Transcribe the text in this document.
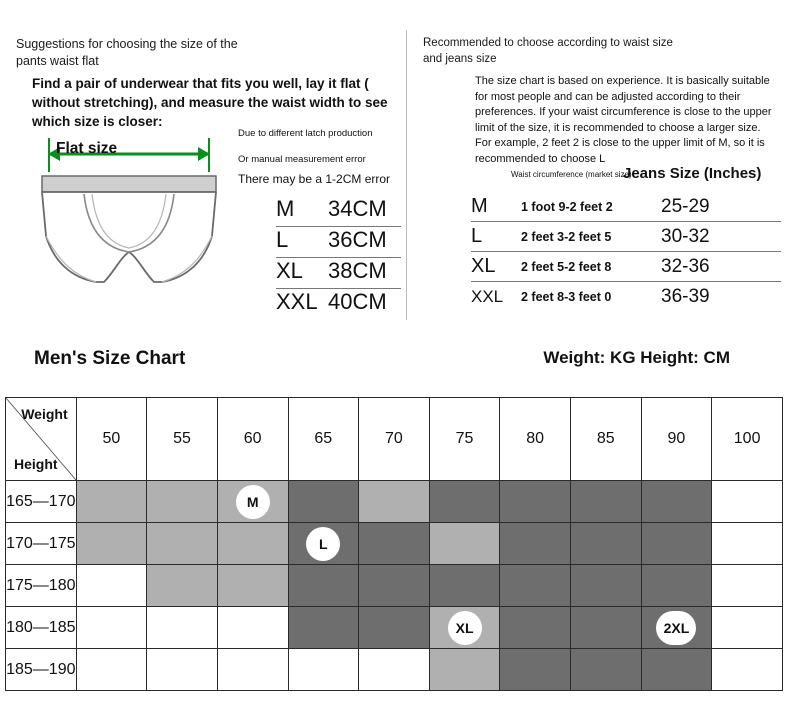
Suggestions for choosing the size of the pants waist flat
Find a pair of underwear that fits you well, lay it flat ( without stretching), and measure the waist width to see which size is closer:
Flat size
Due to different latch production
Or manual measurement error
There may be a 1-2CM error
M	34CM
L	36CM
XL	38CM
XXL 40CM
Recommended to choose according to waist size and jeans size
The size chart is based on experience. It is basically suitable for most people and can be adjusted according to their preferences. If your waist circumference is close to the upper limit of the size, it is recommended to choose a larger size. For example, 2 feet 2 is close to the upper limit of M, so it is recommended to choose L
Waist circumference (market size)
Jeans Size (Inches)
M	1 foot 9-2 feet 2	25-29
L	2 feet 3-2 feet 5	30-32
XL	2 feet 5-2 feet 8	32-36
XXL	2 feet 8-3 feet 0	36-39
Men's Size Chart	Weight: KG Height: CM
Weight
Height	50	55	60	65	70	75	80	85	90	100
165—170			M							

170—175				L						

175—180										
180—185						XL			2XL	

185—190										
